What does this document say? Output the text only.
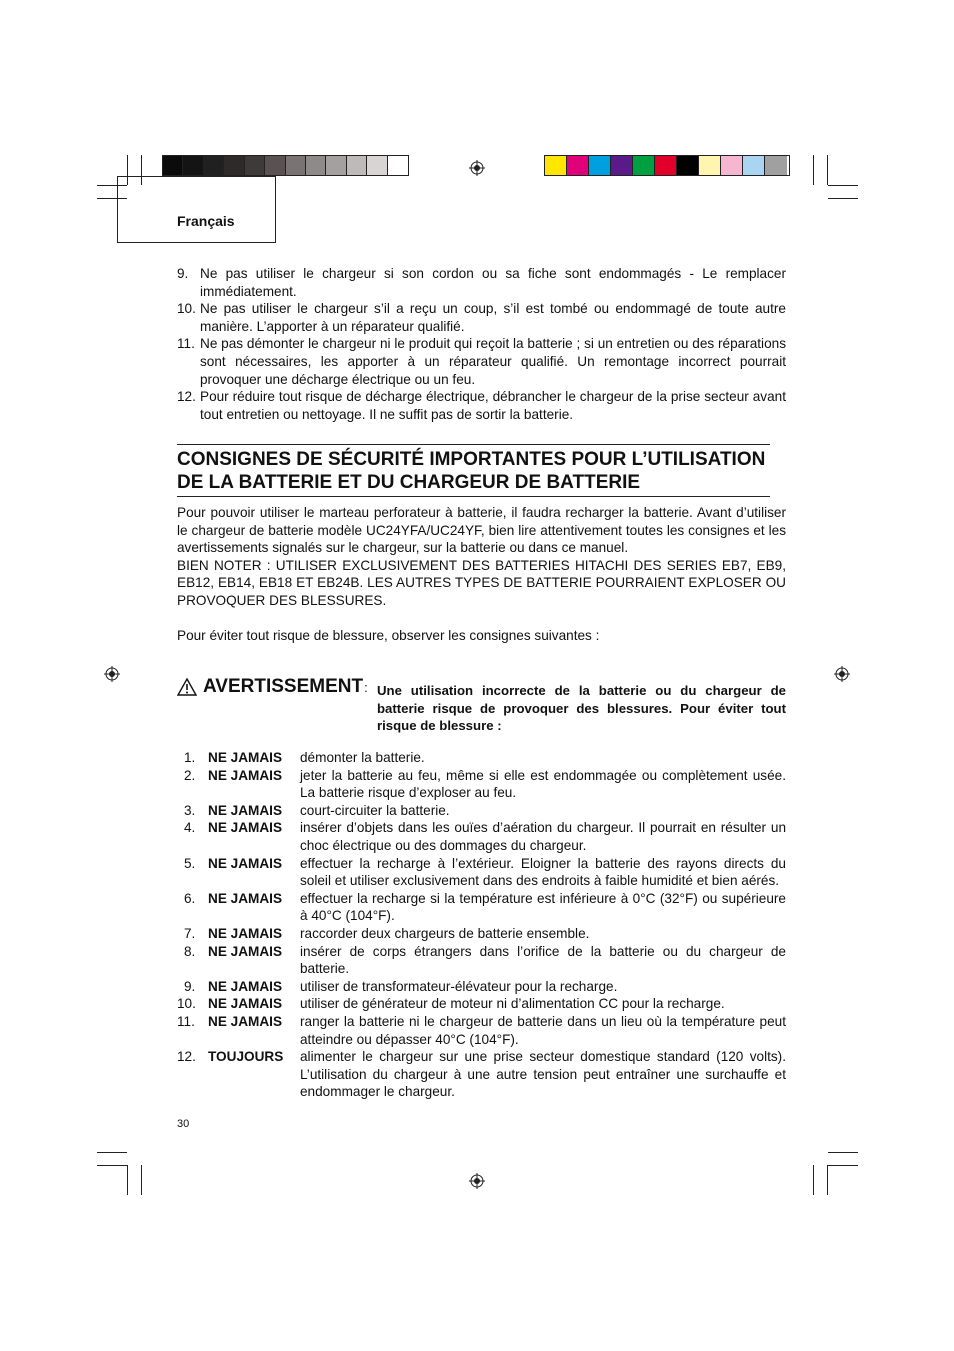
Français
9. Ne pas utiliser le chargeur si son cordon ou sa fiche sont endommagés - Le remplacer immédiatement.
10. Ne pas utiliser le chargeur s’il a reçu un coup, s’il est tombé ou endommagé de toute autre manière. L’apporter à un réparateur qualifié.
11. Ne pas démonter le chargeur ni le produit qui reçoit la batterie ; si un entretien ou des réparations sont nécessaires, les apporter à un réparateur qualifié. Un remontage incorrect pourrait provoquer une décharge électrique ou un feu.
12. Pour réduire tout risque de décharge électrique, débrancher le chargeur de la prise secteur avant tout entretien ou nettoyage. Il ne suffit pas de sortir la batterie.
CONSIGNES DE SÉCURITÉ IMPORTANTES POUR L’UTILISATION DE LA BATTERIE ET DU CHARGEUR DE BATTERIE
Pour pouvoir utiliser le marteau perforateur à batterie, il faudra recharger la batterie. Avant d’utiliser le chargeur de batterie modèle UC24YFA/UC24YF, bien lire attentivement toutes les consignes et les avertissements signalés sur le chargeur, sur la batterie ou dans ce manuel.
BIEN NOTER : UTILISER EXCLUSIVEMENT DES BATTERIES HITACHI DES SERIES EB7, EB9, EB12, EB14, EB18 ET EB24B. LES AUTRES TYPES DE BATTERIE POURRAIENT EXPLOSER OU PROVOQUER DES BLESSURES.
Pour éviter tout risque de blessure, observer les consignes suivantes :
AVERTISSEMENT : Une utilisation incorrecte de la batterie ou du chargeur de batterie risque de provoquer des blessures. Pour éviter tout risque de blessure :
1. NE JAMAIS	démonter la batterie.
2. NE JAMAIS	jeter la batterie au feu, même si elle est endommagée ou complètement usée. La batterie risque d’exploser au feu.
3. NE JAMAIS	court-circuiter la batterie.
4. NE JAMAIS	insérer d’objets dans les ouïes d’aération du chargeur. Il pourrait en résulter un choc électrique ou des dommages du chargeur.
5. NE JAMAIS	effectuer la recharge à l’extérieur. Eloigner la batterie des rayons directs du soleil et utiliser exclusivement dans des endroits à faible humidité et bien aérés.
6. NE JAMAIS	effectuer la recharge si la température est inférieure à 0°C (32°F) ou supérieure à 40°C (104°F).
7. NE JAMAIS	raccorder deux chargeurs de batterie ensemble.
8. NE JAMAIS	insérer de corps étrangers dans l’orifice de la batterie ou du chargeur de batterie.
9. NE JAMAIS	utiliser de transformateur-élévateur pour la recharge.
10. NE JAMAIS	utiliser de générateur de moteur ni d’alimentation CC pour la recharge.
11. NE JAMAIS	ranger la batterie ni le chargeur de batterie dans un lieu où la température peut atteindre ou dépasser 40°C (104°F).
12. TOUJOURS	alimenter le chargeur sur une prise secteur domestique standard (120 volts). L’utilisation du chargeur à une autre tension peut entraîner une surchauffe et endommager le chargeur.
30
